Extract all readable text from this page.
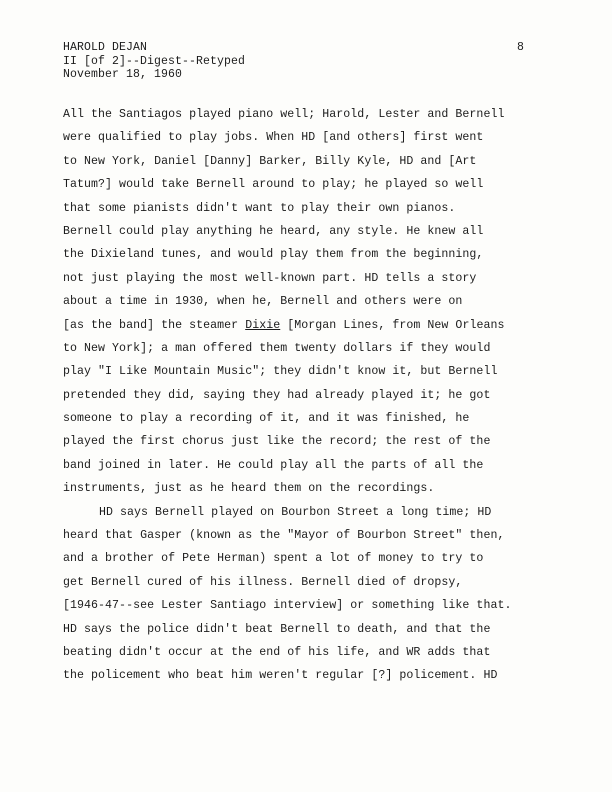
HAROLD DEJAN
II [of 2]--Digest--Retyped
November 18, 1960
8
All the Santiagos played piano well; Harold, Lester and Bernell
were qualified to play jobs. When HD [and others] first went
to New York, Daniel [Danny] Barker, Billy Kyle, HD and [Art
Tatum?] would take Bernell around to play; he played so well
that some pianists didn't want to play their own pianos.
Bernell could play anything he heard, any style. He knew all
the Dixieland tunes, and would play them from the beginning,
not just playing the most well-known part. HD tells a story
about a time in 1930, when he, Bernell and others were on
[as the band] the steamer Dixie [Morgan Lines, from New Orleans
to New York]; a man offered them twenty dollars if they would
play "I Like Mountain Music"; they didn't know it, but Bernell
pretended they did, saying they had already played it; he got
someone to play a recording of it, and it was finished, he
played the first chorus just like the record; the rest of the
band joined in later. He could play all the parts of all the
instruments, just as he heard them on the recordings.
HD says Bernell played on Bourbon Street a long time; HD
heard that Gasper (known as the "Mayor of Bourbon Street" then,
and a brother of Pete Herman) spent a lot of money to try to
get Bernell cured of his illness. Bernell died of dropsy,
[1946-47--see Lester Santiago interview] or something like that.
HD says the police didn't beat Bernell to death, and that the
beating didn't occur at the end of his life, and WR adds that
the policement who beat him weren't regular [?] policement. HD
